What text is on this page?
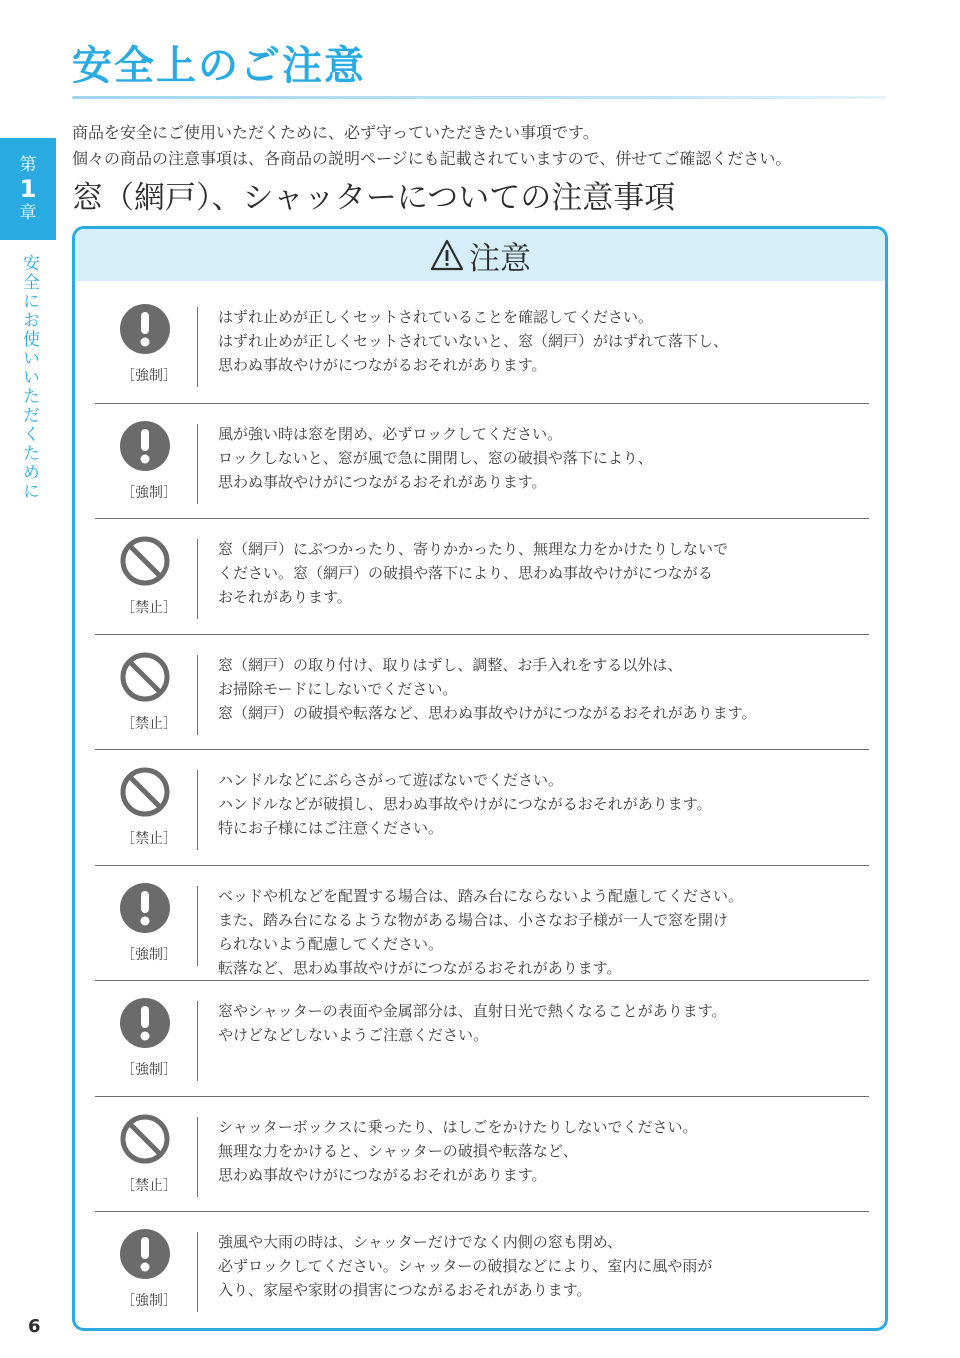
安全上のご注意

商品を安全にご使用いただくために、必ず守っていただきたい事項です。

個々の商品の注意事項は、各商品の説明ページにも記載されていますので、併せてご確認ください。

第
1
章
安全にお使いいただくために
窓（網戸）、シャッターについての注意事項
注意
［強制］
はずれ止めが正しくセットされていることを確認してください。
はずれ止めが正しくセットされていないと、窓（網戸）がはずれて落下し、
思わぬ事故やけがにつながるおそれがあります。
［強制］
風が強い時は窓を閉め、必ずロックしてください。
ロックしないと、窓が風で急に開閉し、窓の破損や落下により、
思わぬ事故やけがにつながるおそれがあります。
［禁止］
窓（網戸）にぶつかったり、寄りかかったり、無理な力をかけたりしないで
ください。窓（網戸）の破損や落下により、思わぬ事故やけがにつながる
おそれがあります。
［禁止］
窓（網戸）の取り付け、取りはずし、調整、お手入れをする以外は、
お掃除モードにしないでください。
窓（網戸）の破損や転落など、思わぬ事故やけがにつながるおそれがあります。
［禁止］
ハンドルなどにぶらさがって遊ばないでください。
ハンドルなどが破損し、思わぬ事故やけがにつながるおそれがあります。
特にお子様にはご注意ください。
［強制］
ベッドや机などを配置する場合は、踏み台にならないよう配慮してください。
また、踏み台になるような物がある場合は、小さなお子様が一人で窓を開け
られないよう配慮してください。
転落など、思わぬ事故やけがにつながるおそれがあります。
［強制］
窓やシャッターの表面や金属部分は、直射日光で熱くなることがあります。
やけどなどしないようご注意ください。
［禁止］
シャッターボックスに乗ったり、はしごをかけたりしないでください。
無理な力をかけると、シャッターの破損や転落など、
思わぬ事故やけがにつながるおそれがあります。
［強制］
強風や大雨の時は、シャッターだけでなく内側の窓も閉め、
必ずロックしてください。シャッターの破損などにより、室内に風や雨が
入り、家屋や家財の損害につながるおそれがあります。
6
